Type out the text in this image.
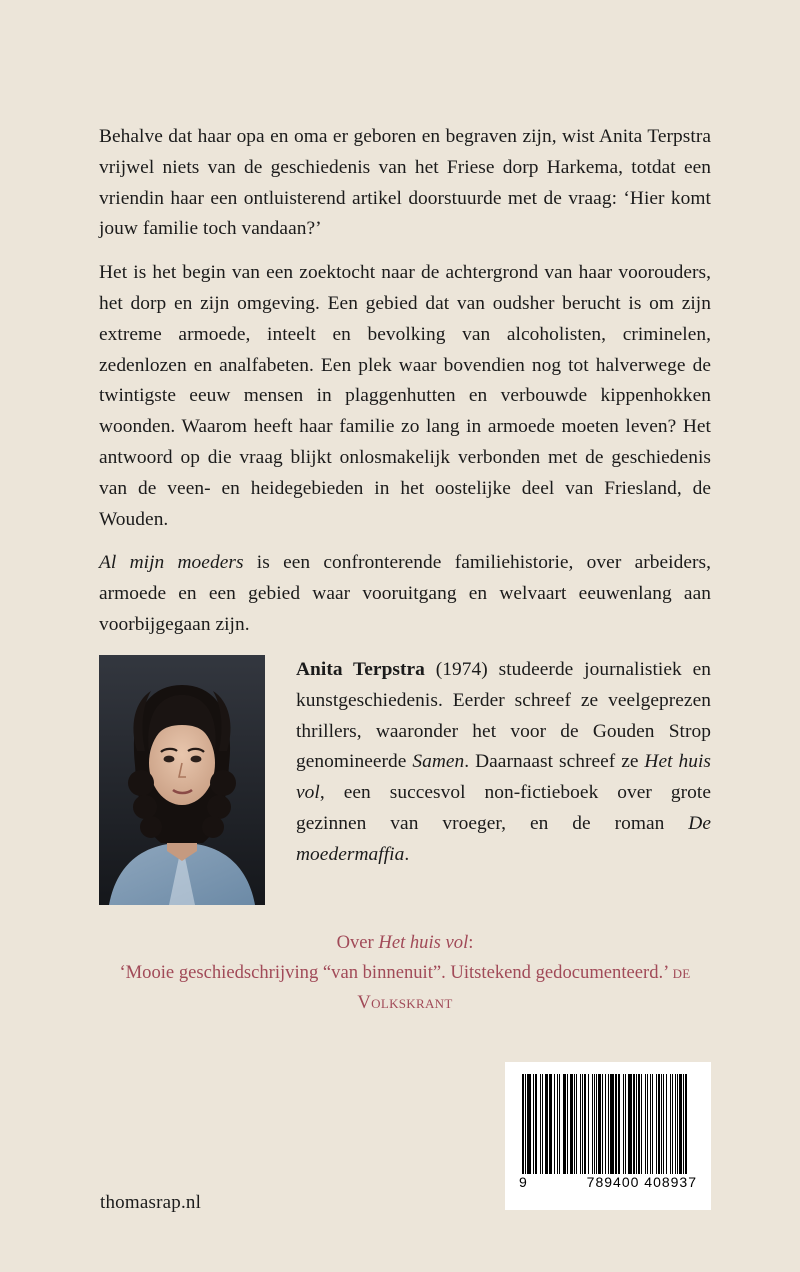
Behalve dat haar opa en oma er geboren en begraven zijn, wist Anita Terpstra vrijwel niets van de geschiedenis van het Friese dorp Harkema, totdat een vriendin haar een ontluisterend artikel doorstuurde met de vraag: ‘Hier komt jouw familie toch vandaan?’

Het is het begin van een zoektocht naar de achtergrond van haar voorouders, het dorp en zijn omgeving. Een gebied dat van oudsher berucht is om zijn extreme armoede, inteelt en bevolking van alcoholisten, criminelen, zedenlozen en analfabeten. Een plek waar bovendien nog tot halverwege de twintigste eeuw mensen in plaggenhutten en verbouwde kippenhokken woonden. Waarom heeft haar familie zo lang in armoede moeten leven? Het antwoord op die vraag blijkt onlosmakelijk verbonden met de geschiedenis van de veen- en heidegebieden in het oostelijke deel van Friesland, de Wouden.

Al mijn moeders is een confronterende familiehistorie, over arbeiders, armoede en een gebied waar vooruitgang en welvaart eeuwenlang aan voorbijgegaan zijn.

Anita Terpstra (1974) studeerde journalistiek en kunstgeschiedenis. Eerder schreef ze veelgeprezen thrillers, waaronder het voor de Gouden Strop genomineerde Samen. Daarnaast schreef ze Het huis vol, een succesvol non-fictieboek over grote gezinnen van vroeger, en de roman De moedermaffia.
Over Het huis vol:
‘Mooie geschiedschrijving “van binnenuit”. Uitstekend gedocumenteerd.’ de Volkskrant
9	789400 408937
thomasrap.nl
